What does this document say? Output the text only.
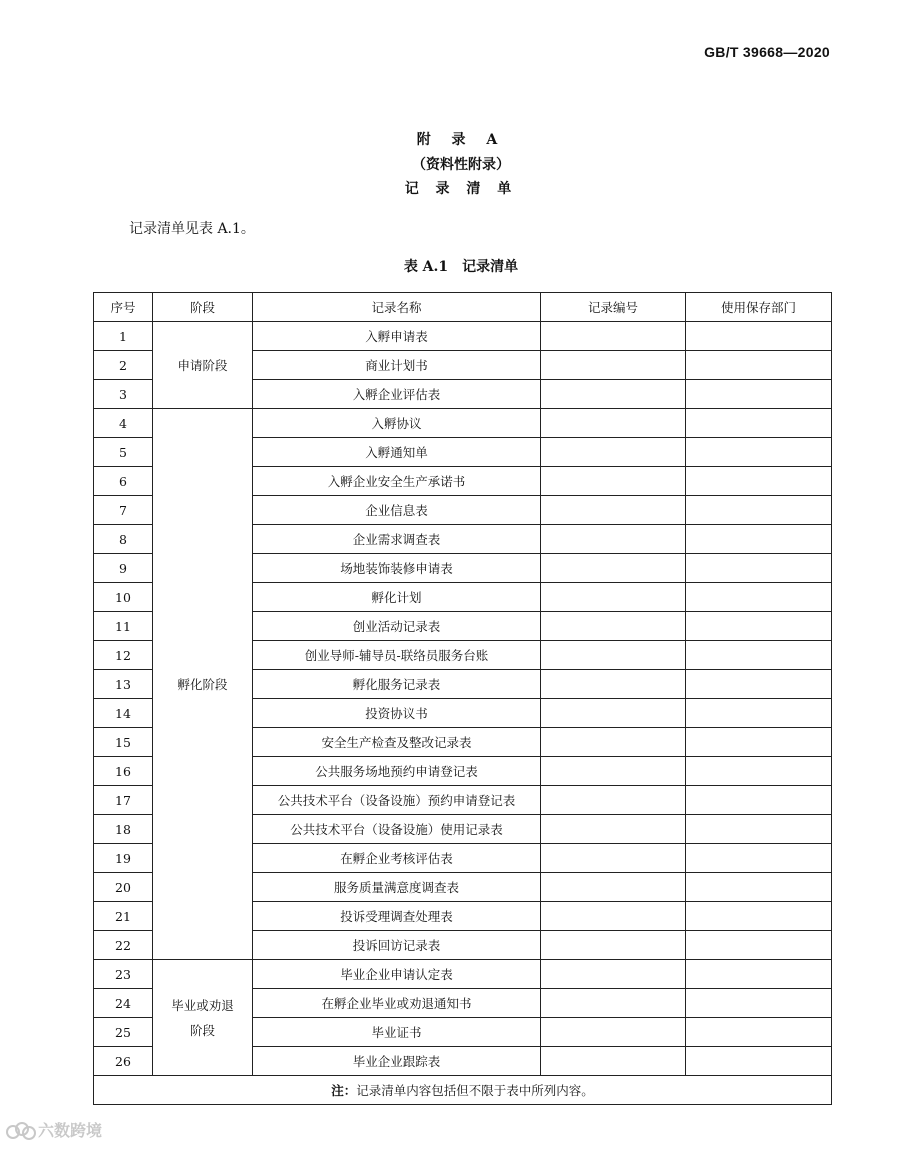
GB/T 39668—2020
附 录 A
（资料性附录）
记 录 清 单
记录清单见表 A.1。
表 A.1　记录清单
序号	阶段	记录名称	记录编号	使用保存部门
1	申请阶段	入孵申请表		
2		商业计划书		
3		入孵企业评估表		
4	孵化阶段	入孵协议		
5		入孵通知单		
6		入孵企业安全生产承诺书		
7		企业信息表		
8		企业需求调查表		
9		场地装饰装修申请表		
10		孵化计划		
11		创业活动记录表		
12		创业导师-辅导员-联络员服务台账		
13		孵化服务记录表		
14		投资协议书		
15		安全生产检查及整改记录表		
16		公共服务场地预约申请登记表		
17		公共技术平台（设备设施）预约申请登记表		
18		公共技术平台（设备设施）使用记录表		
19		在孵企业考核评估表		
20		服务质量满意度调查表		
21		投诉受理调查处理表		
22		投诉回访记录表		
23	毕业或劝退阶段	毕业企业申请认定表		
24		在孵企业毕业或劝退通知书		
25		毕业证书		
26		毕业企业跟踪表		
注：记录清单内容包括但不限于表中所列内容。				
六数跨境
